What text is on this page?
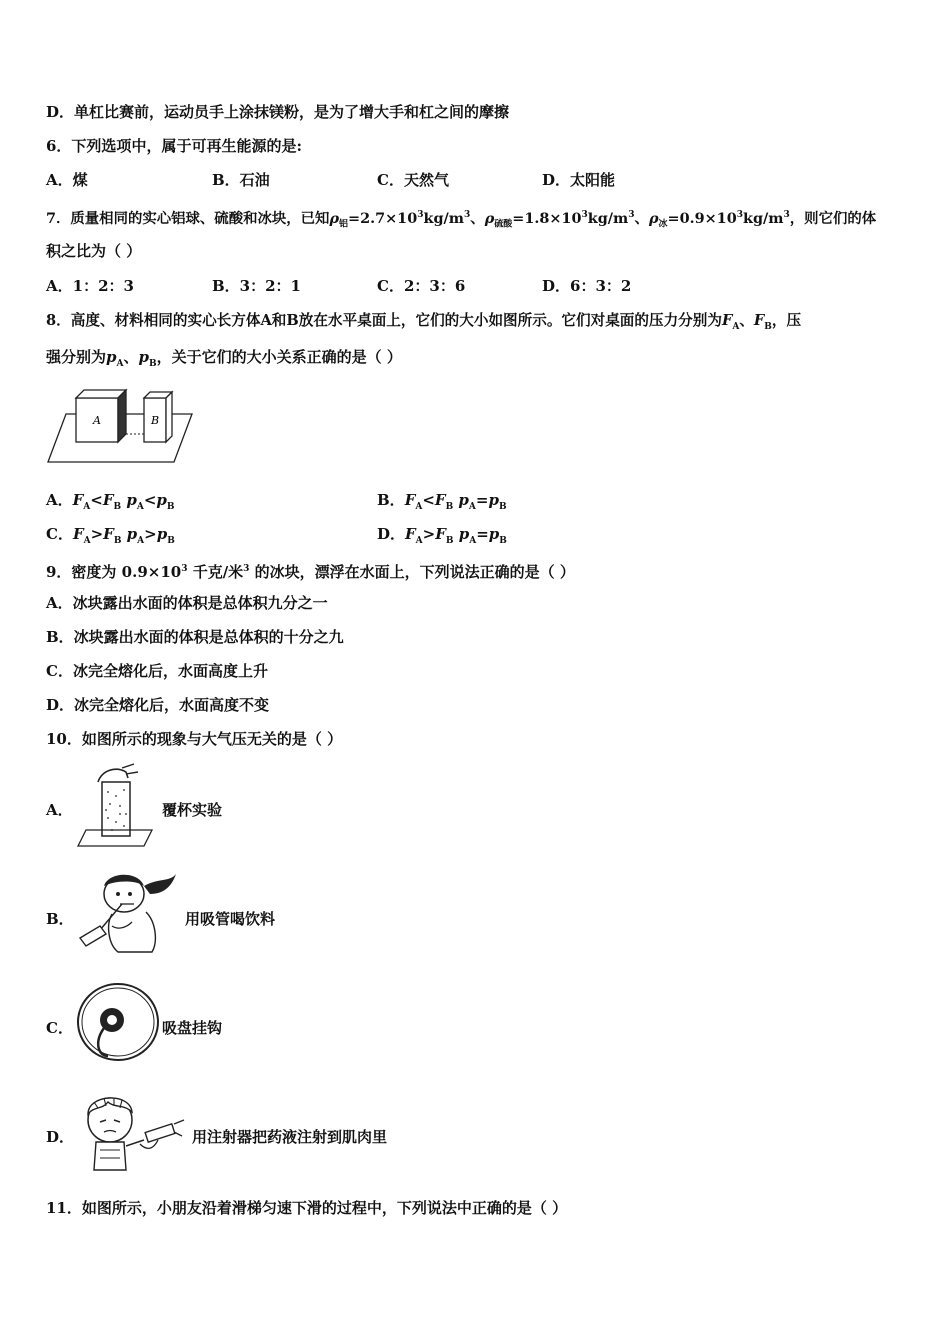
D．单杠比赛前，运动员手上涂抹镁粉，是为了增大手和杠之间的摩擦
6．下列选项中，属于可再生能源的是:
A．煤	B．石油	C．天然气	D．太阳能
7．质量相同的实心铝球、硫酸和冰块，已知$\rho_铝=2.7\times 10^3kg/m^3$、$\rho_{硫酸}=1.8\times 10^3kg/m^3$、$\rho_冰=0.9\times 10^3kg/m^3$，则它们的体
积之比为（ ）
A．1：2：3	B．3：2：1	C．2：3：6	D．6：3：2
8．高度、材料相同的实心长方体A和B放在水平桌面上，它们的大小如图所示。它们对桌面的压力分别为$F_A$、$F_B$，压
强分别为$p_A$、$p_B$，关于它们的大小关系正确的是（ ）
A	B
A．$F_A<F_B$ $p_A<p_B$	B．$F_A<F_B$ $p_A=p_B$
C．$F_A>F_B$ $p_A>p_B$	D．$F_A>F_B$ $p_A=p_B$
9．密度为 $0.9\times 10^3$ 千克/米$^3$ 的冰块，漂浮在水面上，下列说法正确的是（ ）
A．冰块露出水面的体积是总体积九分之一
B．冰块露出水面的体积是总体积的十分之九
C．冰完全熔化后，水面高度上升
D．冰完全熔化后，水面高度不变
10．如图所示的现象与大气压无关的是（ ）
A．	覆杯实验
B．	用吸管喝饮料
C．	吸盘挂钩
D．	用注射器把药液注射到肌肉里
11．如图所示，小朋友沿着滑梯匀速下滑的过程中，下列说法中正确的是（ ）
